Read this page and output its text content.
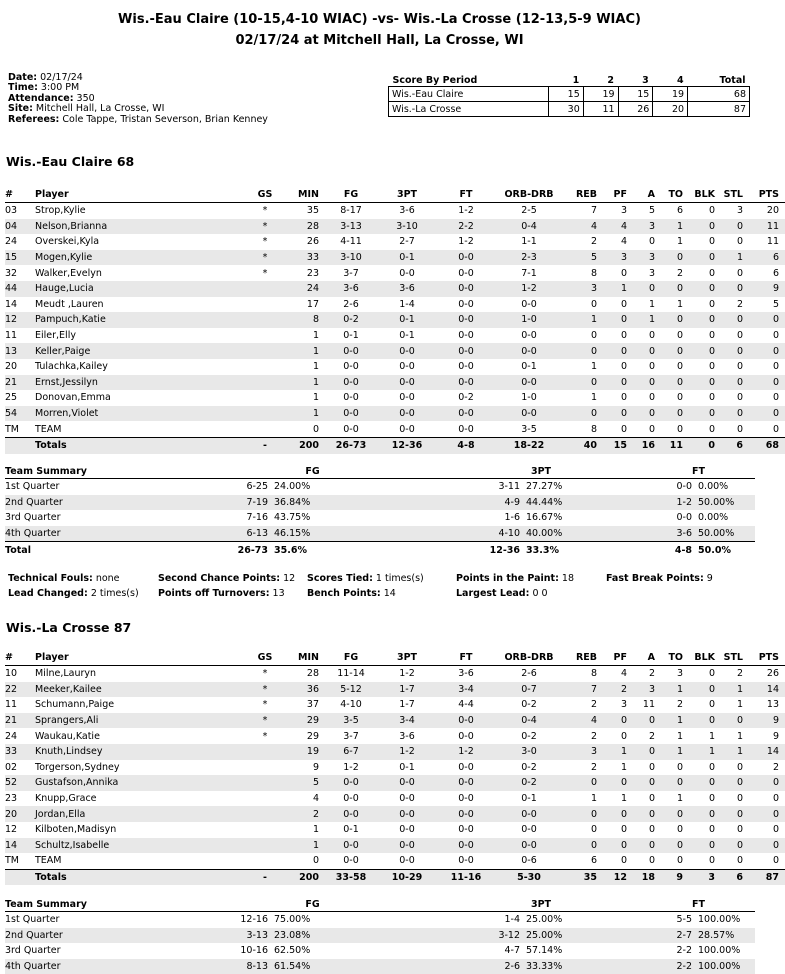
Wis.-Eau Claire (10-15,4-10 WIAC) -vs- Wis.-La Crosse (12-13,5-9 WIAC)
02/17/24 at Mitchell Hall, La Crosse, WI
Date: 02/17/24
Time: 3:00 PM
Attendance: 350
Site: Mitchell Hall, La Crosse, WI
Referees: Cole Tappe, Tristan Severson, Brian Kenney
Score By Period	1	2	3	4	Total
Wis.-Eau Claire	15	19	15	19	68
Wis.-La Crosse	30	11	26	20	87
Wis.-Eau Claire 68
#	Player	GS	MIN	FG	3PT	FT	ORB-DRB	REB	PF	A	TO	BLK	STL	PTS
03	Strop,Kylie	*	35	8-17	3-6	1-2	2-5	7	3	5	6	0	3	20
04	Nelson,Brianna	*	28	3-13	3-10	2-2	0-4	4	4	3	1	0	0	11
24	Overskei,Kyla	*	26	4-11	2-7	1-2	1-1	2	4	0	1	0	0	11
15	Mogen,Kylie	*	33	3-10	0-1	0-0	2-3	5	3	3	0	0	1	6
32	Walker,Evelyn	*	23	3-7	0-0	0-0	7-1	8	0	3	2	0	0	6
44	Hauge,Lucia		24	3-6	3-6	0-0	1-2	3	1	0	0	0	0	9
14	Meudt ,Lauren		17	2-6	1-4	0-0	0-0	0	0	1	1	0	2	5
12	Pampuch,Katie		8	0-2	0-1	0-0	1-0	1	0	1	0	0	0	0
11	Eiler,Elly		1	0-1	0-1	0-0	0-0	0	0	0	0	0	0	0
13	Keller,Paige		1	0-0	0-0	0-0	0-0	0	0	0	0	0	0	0
20	Tulachka,Kailey		1	0-0	0-0	0-0	0-1	1	0	0	0	0	0	0
21	Ernst,Jessilyn		1	0-0	0-0	0-0	0-0	0	0	0	0	0	0	0
25	Donovan,Emma		1	0-0	0-0	0-2	1-0	1	0	0	0	0	0	0
54	Morren,Violet		1	0-0	0-0	0-0	0-0	0	0	0	0	0	0	0
TM	TEAM		0	0-0	0-0	0-0	3-5	8	0	0	0	0	0	0
	Totals	-	200	26-73	12-36	4-8	18-22	40	15	16	11	0	6	68
Team Summary	FG		3PT		FT	
1st Quarter	6-25	24.00%	3-11	27.27%	0-0	0.00%
2nd Quarter	7-19	36.84%	4-9	44.44%	1-2	50.00%
3rd Quarter	7-16	43.75%	1-6	16.67%	0-0	0.00%
4th Quarter	6-13	46.15%	4-10	40.00%	3-6	50.00%
Total	26-73	35.6%	12-36	33.3%	4-8	50.0%
Technical Fouls: none	Second Chance Points: 12 Scores Tied: 1 times(s)	Points in the Paint: 18	Fast Break Points: 9
Lead Changed: 2 times(s) Points off Turnovers: 13 Bench Points: 14	Largest Lead: 0 0
Wis.-La Crosse 87
#	Player	GS	MIN	FG	3PT	FT	ORB-DRB	REB	PF	A	TO	BLK	STL	PTS
10	Milne,Lauryn	*	28	11-14	1-2	3-6	2-6	8	4	2	3	0	2	26
22	Meeker,Kailee	*	36	5-12	1-7	3-4	0-7	7	2	3	1	0	1	14
11	Schumann,Paige	*	37	4-10	1-7	4-4	0-2	2	3	11	2	0	1	13
21	Sprangers,Ali	*	29	3-5	3-4	0-0	0-4	4	0	0	1	0	0	9
24	Waukau,Katie	*	29	3-7	3-6	0-0	0-2	2	0	2	1	1	1	9
33	Knuth,Lindsey		19	6-7	1-2	1-2	3-0	3	1	0	1	1	1	14
02	Torgerson,Sydney		9	1-2	0-1	0-0	0-2	2	1	0	0	0	0	2
52	Gustafson,Annika		5	0-0	0-0	0-0	0-2	0	0	0	0	0	0	0
23	Knupp,Grace		4	0-0	0-0	0-0	0-1	1	1	0	1	0	0	0
20	Jordan,Ella		2	0-0	0-0	0-0	0-0	0	0	0	0	0	0	0
12	Kilboten,Madisyn		1	0-1	0-0	0-0	0-0	0	0	0	0	0	0	0
14	Schultz,Isabelle		1	0-0	0-0	0-0	0-0	0	0	0	0	0	0	0
TM	TEAM		0	0-0	0-0	0-0	0-6	6	0	0	0	0	0	0
	Totals	-	200	33-58	10-29	11-16	5-30	35	12	18	9	3	6	87
Team Summary	FG		3PT		FT	
1st Quarter	12-16	75.00%	1-4	25.00%	5-5	100.00%
2nd Quarter	3-13	23.08%	3-12	25.00%	2-7	28.57%
3rd Quarter	10-16	62.50%	4-7	57.14%	2-2	100.00%
4th Quarter	8-13	61.54%	2-6	33.33%	2-2	100.00%
